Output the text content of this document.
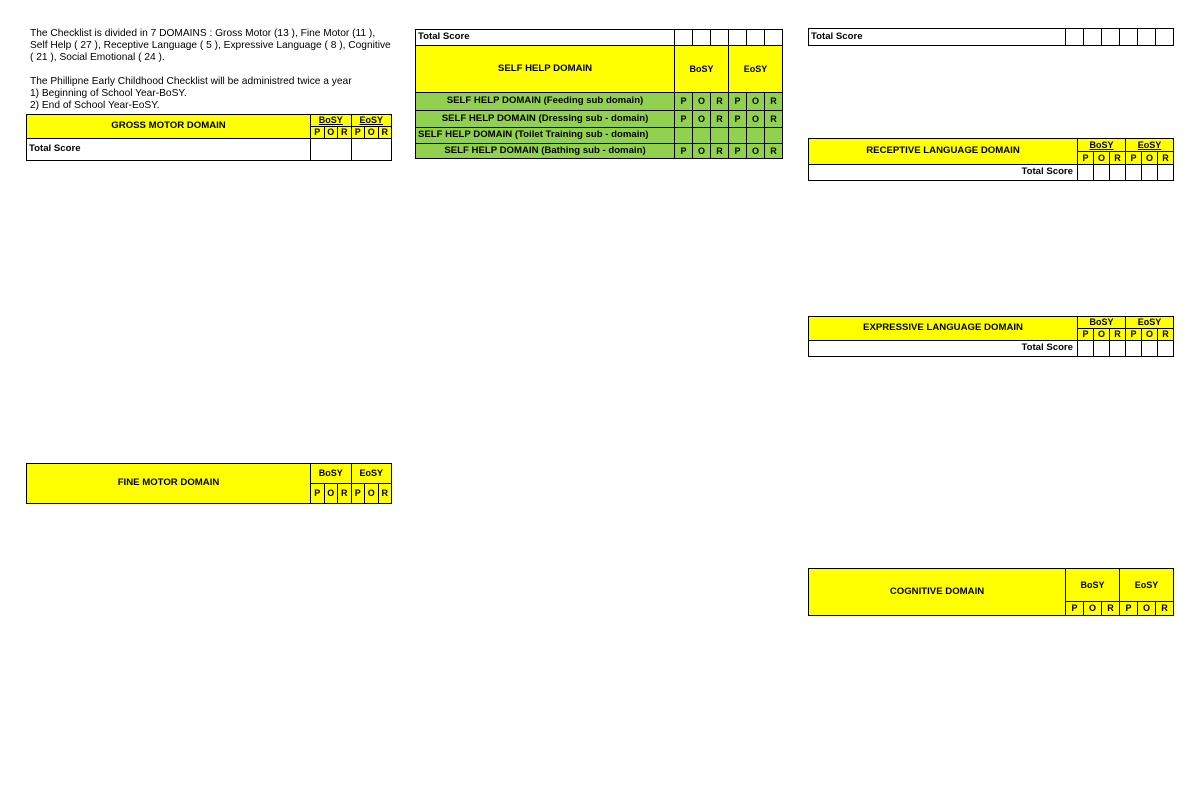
The Checklist is divided in 7 DOMAINS : Gross Motor (13 ), Fine Motor (11 ), Self Help ( 27 ), Receptive Language ( 5 ), Expressive Language ( 8 ), Cognitive ( 21 ), Social Emotional ( 24 ).

The Phillipne Early Childhood Checklist will be administred twice a year

1) Beginning of School Year-BoSY.

2) End of School Year-EoSY.

GROSS MOTOR DOMAIN	BoSY			EoSY		
	P	O	R	P	O	R
Total Score						
FINE MOTOR DOMAIN	BoSY			EoSY		
	P	O	R	P	O	R
Total Score						
SELF HELP DOMAIN	BoSY			EoSY		
SELF HELP DOMAIN (Feeding sub domain)	P	O	R	P	O	R
SELF HELP DOMAIN (Dressing sub - domain)	P	O	R	P	O	R
SELF HELP DOMAIN (Toilet Training sub - domain)						
SELF HELP DOMAIN (Bathing sub - domain)	P	O	R	P	O	R
Total Score						
RECEPTIVE LANGUAGE DOMAIN	BoSY			EoSY		
	P	O	R	P	O	R
Total Score						
EXPRESSIVE LANGUAGE DOMAIN	BoSY			EoSY		
	P	O	R	P	O	R
Total Score						
COGNITIVE DOMAIN	BoSY			EoSY		
	P	O	R	P	O	R
